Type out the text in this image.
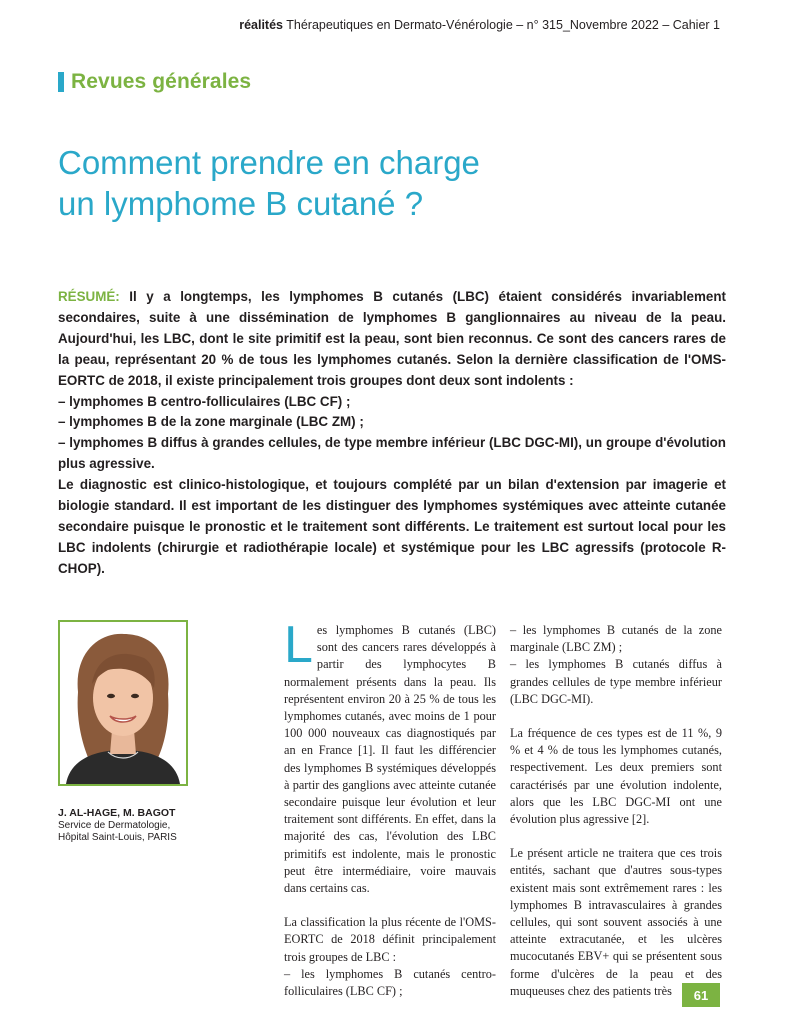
réalités Thérapeutiques en Dermato-Vénérologie – n° 315_Novembre 2022 – Cahier 1
Revues générales
Comment prendre en charge
un lymphome B cutané ?

RÉSUMÉ: Il y a longtemps, les lymphomes B cutanés (LBC) étaient considérés invariablement secondaires, suite à une dissémination de lymphomes B ganglionnaires au niveau de la peau. Aujourd'hui, les LBC, dont le site primitif est la peau, sont bien reconnus. Ce sont des cancers rares de la peau, représentant 20 % de tous les lymphomes cutanés. Selon la dernière classification de l'OMS-EORTC de 2018, il existe principalement trois groupes dont deux sont indolents :

– lymphomes B centro-folliculaires (LBC CF) ;

– lymphomes B de la zone marginale (LBC ZM) ;

– lymphomes B diffus à grandes cellules, de type membre inférieur (LBC DGC-MI), un groupe d'évolution plus agressive.

Le diagnostic est clinico-histologique, et toujours complété par un bilan d'extension par imagerie et biologie standard. Il est important de les distinguer des lymphomes systémiques avec atteinte cutanée secondaire puisque le pronostic et le traitement sont différents. Le traitement est surtout local pour les LBC indolents (chirurgie et radiothérapie locale) et systémique pour les LBC agressifs (protocole R-CHOP).

J. AL-HAGE, M. BAGOT
Service de Dermatologie,
Hôpital Saint-Louis, PARIS

Les lymphomes B cutanés (LBC) sont des cancers rares développés à partir des lymphocytes B normalement présents dans la peau. Ils représentent environ 20 à 25 % de tous les lymphomes cutanés, avec moins de 1 pour 100 000 nouveaux cas diagnostiqués par an en France [1]. Il faut les différencier des lymphomes B systémiques développés à partir des ganglions avec atteinte cutanée secondaire puisque leur évolution et leur traitement sont différents. En effet, dans la majorité des cas, l'évolution des LBC primitifs est indolente, mais le pronostic peut être intermédiaire, voire mauvais dans certains cas.

La classification la plus récente de l'OMS-EORTC de 2018 définit principalement trois groupes de LBC :

– les lymphomes B cutanés centro-folliculaires (LBC CF) ;

– les lymphomes B cutanés de la zone marginale (LBC ZM) ;

– les lymphomes B cutanés diffus à grandes cellules de type membre inférieur (LBC DGC-MI).

La fréquence de ces types est de 11 %, 9 % et 4 % de tous les lymphomes cutanés, respectivement. Les deux premiers sont caractérisés par une évolution indolente, alors que les LBC DGC-MI ont une évolution plus agressive [2].

Le présent article ne traitera que ces trois entités, sachant que d'autres sous-types existent mais sont extrêmement rares : les lymphomes B intravasculaires à grandes cellules, qui sont souvent associés à une atteinte extracutanée, et les ulcères mucocutanés EBV+ qui se présentent sous forme d'ulcères de la peau et des muqueuses chez des patients très	61
